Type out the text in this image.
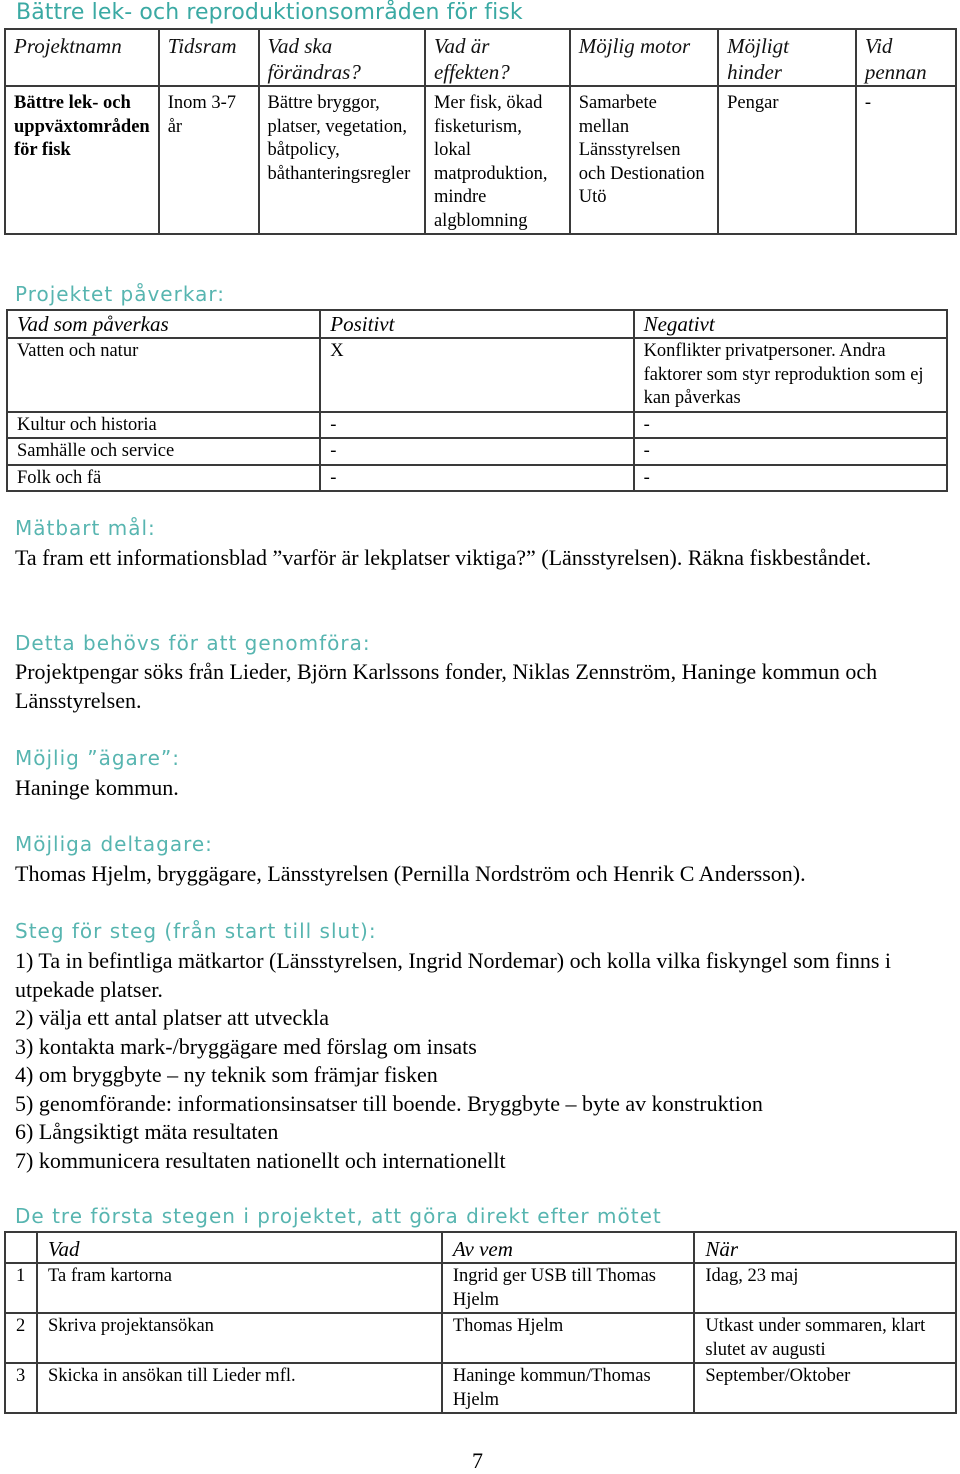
Bättre lek- och reproduktionsområden för fisk
Projektnamn	Tidsram	Vad ska förändras?	Vad är effekten?	Möjlig motor	Möjligt hinder	Vid pennan
Bättre lek- och uppväxtområden för fisk	Inom 3-7 år	Bättre bryggor, platser, vegetation, båtpolicy, båthanteringsregler	Mer fisk, ökad fisketurism, lokal matproduktion, mindre algblomning	Samarbete mellan Länsstyrelsen och Destionation Utö	Pengar	-
Projektet påverkar:
Vad som påverkas	Positivt	Negativt
Vatten och natur	X	Konflikter privatpersoner. Andra faktorer som styr reproduktion som ej kan påverkas
Kultur och historia	-	-
Samhälle och service	-	-
Folk och fä	-	-
Mätbart mål:
Ta fram ett informationsblad ”varför är lekplatser viktiga?” (Länsstyrelsen). Räkna fiskbeståndet.
Detta behövs för att genomföra:
Projektpengar söks från Lieder, Björn Karlssons fonder, Niklas Zennström, Haninge kommun och Länsstyrelsen.
Möjlig ”ägare”:
Haninge kommun.
Möjliga deltagare:
Thomas Hjelm, bryggägare, Länsstyrelsen (Pernilla Nordström och Henrik C Andersson).
Steg för steg (från start till slut):
1) Ta in befintliga mätkartor (Länsstyrelsen, Ingrid Nordemar) och kolla vilka fiskyngel som finns i utpekade platser.
2) välja ett antal platser att utveckla
3) kontakta mark-/bryggägare med förslag om insats
4) om bryggbyte – ny teknik som främjar fisken
5) genomförande: informationsinsatser till boende. Bryggbyte – byte av konstruktion
6) Långsiktigt mäta resultaten
7) kommunicera resultaten nationellt och internationellt
De tre första stegen i projektet, att göra direkt efter mötet
	Vad	Av vem	När
1	Ta fram kartorna	Ingrid ger USB till Thomas Hjelm	Idag, 23 maj
2	Skriva projektansökan	Thomas Hjelm	Utkast under sommaren, klart slutet av augusti
3	Skicka in ansökan till Lieder mfl.	Haninge kommun/Thomas Hjelm	September/Oktober
7
